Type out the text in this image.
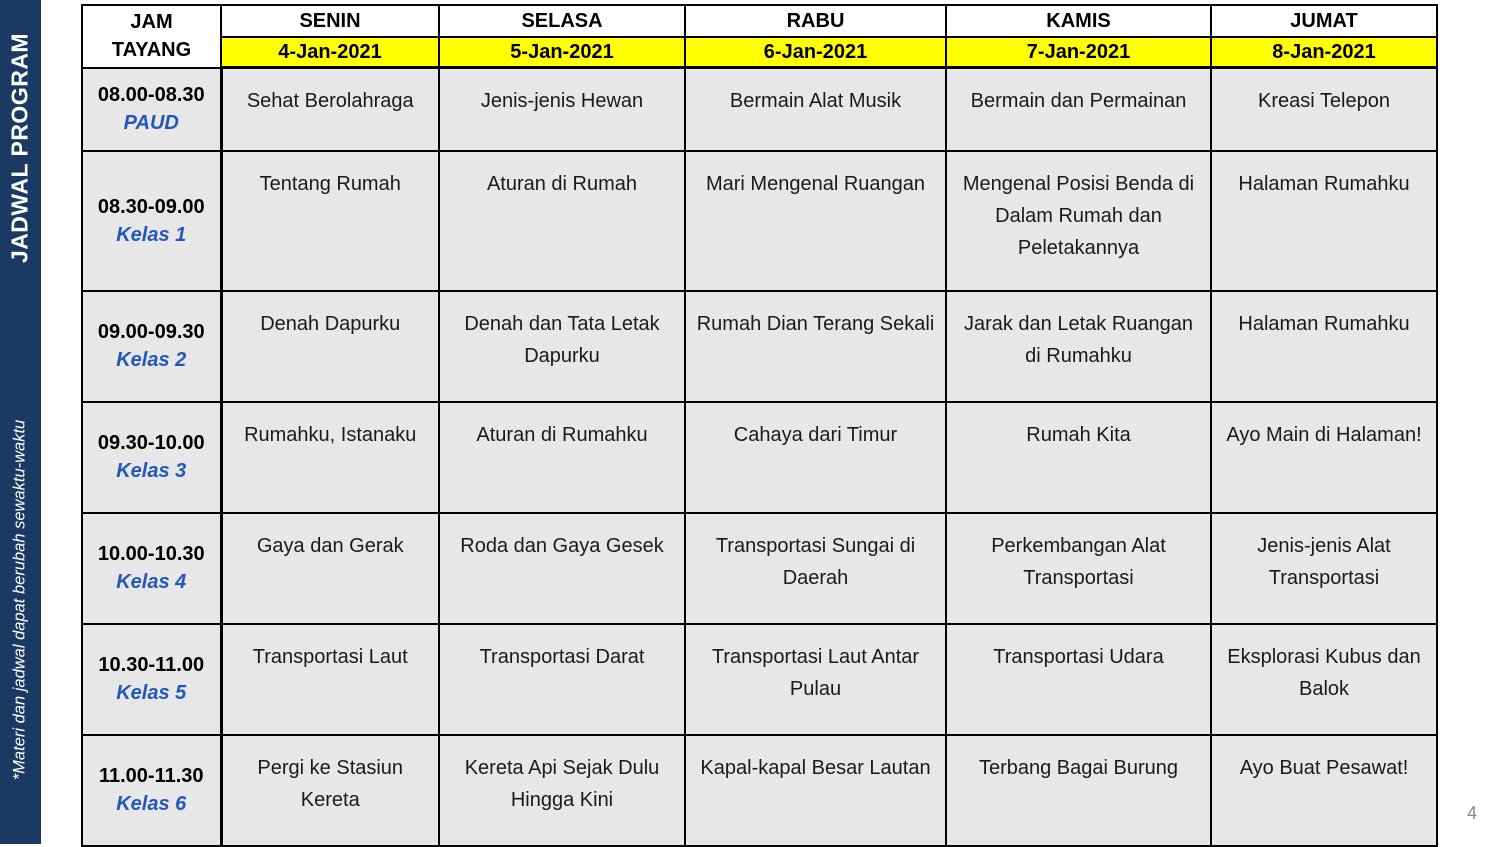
JADWAL PROGRAM
*Materi dan jadwal dapat berubah sewaktu-waktu
JAM
TAYANG	SENIN	SELASA	RABU	KAMIS	JUMAT
	4-Jan-2021	5-Jan-2021	6-Jan-2021	7-Jan-2021	8-Jan-2021

08.00-08.30
PAUD	Sehat Berolahraga	Jenis-jenis Hewan	Bermain Alat Musik	Bermain dan Permainan	Kreasi Telepon

08.30-09.00
Kelas 1	Tentang Rumah	Aturan di Rumah	Mari Mengenal Ruangan	Mengenal Posisi Benda di Dalam Rumah dan Peletakannya	Halaman Rumahku

09.00-09.30
Kelas 2	Denah Dapurku	Denah dan Tata Letak Dapurku	Rumah Dian Terang Sekali	Jarak dan Letak Ruangan di Rumahku	Halaman Rumahku

09.30-10.00
Kelas 3	Rumahku, Istanaku	Aturan di Rumahku	Cahaya dari Timur	Rumah Kita	Ayo Main di Halaman!

10.00-10.30
Kelas 4	Gaya dan Gerak	Roda dan Gaya Gesek	Transportasi Sungai di Daerah	Perkembangan Alat Transportasi	Jenis-jenis Alat Transportasi

10.30-11.00
Kelas 5	Transportasi Laut	Transportasi Darat	Transportasi Laut Antar Pulau	Transportasi Udara	Eksplorasi Kubus dan Balok

11.00-11.30
Kelas 6	Pergi ke Stasiun Kereta	Kereta Api Sejak Dulu Hingga Kini	Kapal-kapal Besar Lautan	Terbang Bagai Burung	Ayo Buat Pesawat!
4
